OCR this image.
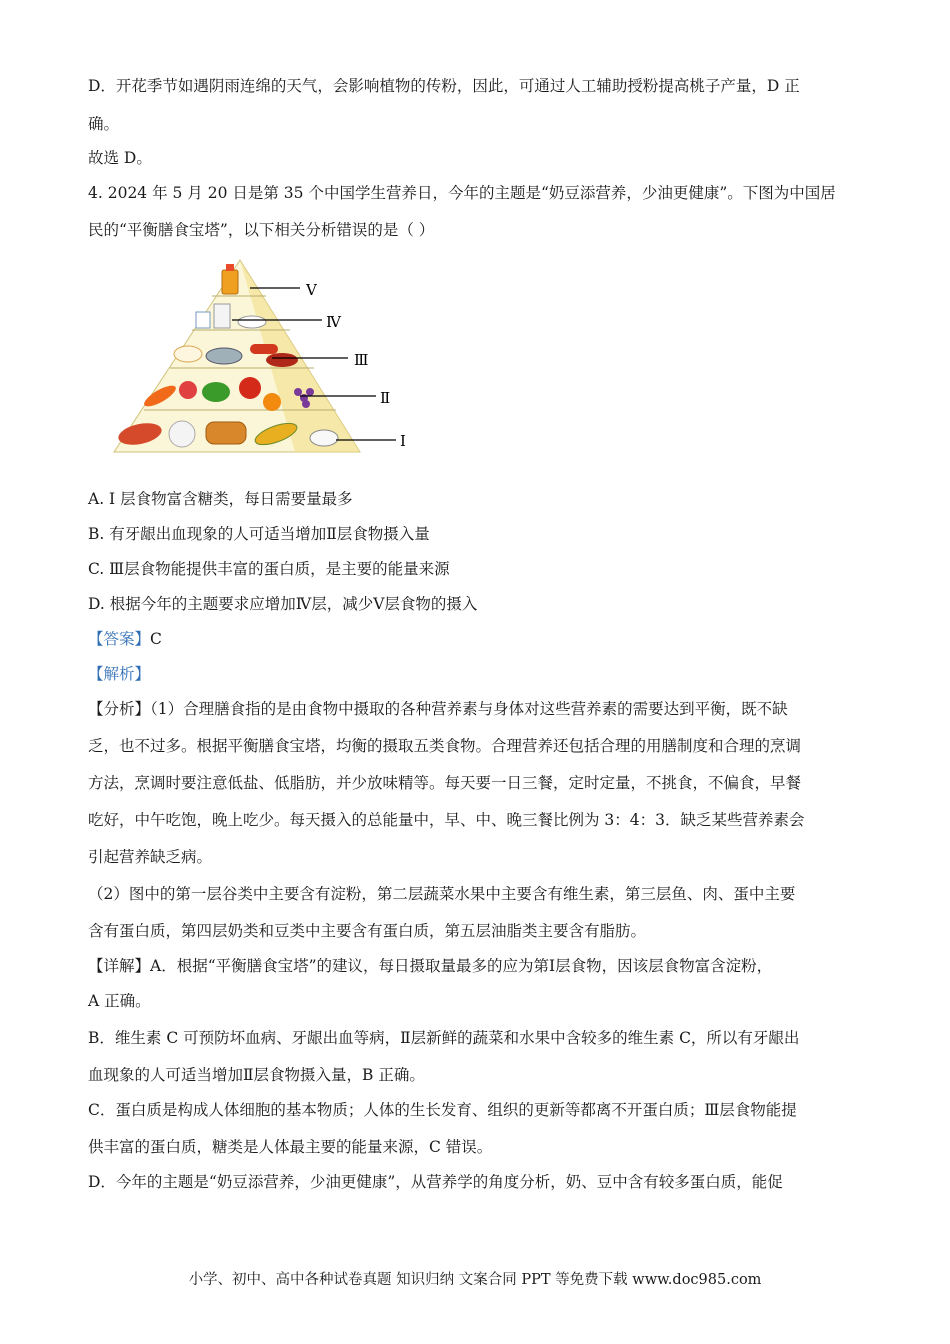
D．开花季节如遇阴雨连绵的天气，会影响植物的传粉，因此，可通过人工辅助授粉提高桃子产量，D 正
确。
故选 D。
4. 2024 年 5 月 20 日是第 35 个中国学生营养日，今年的主题是“奶豆添营养，少油更健康”。下图为中国居
民的“平衡膳食宝塔”，以下相关分析错误的是（ ）
Ⅴ
Ⅳ
Ⅲ
Ⅱ
Ⅰ
A. Ⅰ 层食物富含糖类，每日需要量最多
B. 有牙龈出血现象的人可适当增加Ⅱ层食物摄入量
C. Ⅲ层食物能提供丰富的蛋白质，是主要的能量来源
D. 根据今年的主题要求应增加Ⅳ层，减少Ⅴ层食物的摄入
【答案】C
【解析】
【分析】（1）合理膳食指的是由食物中摄取的各种营养素与身体对这些营养素的需要达到平衡，既不缺
乏，也不过多。根据平衡膳食宝塔，均衡的摄取五类食物。合理营养还包括合理的用膳制度和合理的烹调
方法，烹调时要注意低盐、低脂肪，并少放味精等。每天要一日三餐，定时定量，不挑食，不偏食，早餐
吃好，中午吃饱，晚上吃少。每天摄入的总能量中，早、中、晚三餐比例为 3：4：3．缺乏某些营养素会
引起营养缺乏病。
（2）图中的第一层谷类中主要含有淀粉，第二层蔬菜水果中主要含有维生素，第三层鱼、肉、蛋中主要
含有蛋白质，第四层奶类和豆类中主要含有蛋白质，第五层油脂类主要含有脂肪。
【详解】A．根据“平衡膳食宝塔”的建议，每日摄取量最多的应为第Ⅰ层食物，因该层食物富含淀粉，
A 正确。
B．维生素 C 可预防坏血病、牙龈出血等病，Ⅱ层新鲜的蔬菜和水果中含较多的维生素 C，所以有牙龈出
血现象的人可适当增加Ⅱ层食物摄入量，B 正确。
C．蛋白质是构成人体细胞的基本物质；人体的生长发育、组织的更新等都离不开蛋白质；Ⅲ层食物能提
供丰富的蛋白质，糖类是人体最主要的能量来源，C 错误。
D．今年的主题是“奶豆添营养，少油更健康”，从营养学的角度分析，奶、豆中含有较多蛋白质，能促
小学、初中、高中各种试卷真题 知识归纳 文案合同 PPT 等免费下载 www.doc985.com
